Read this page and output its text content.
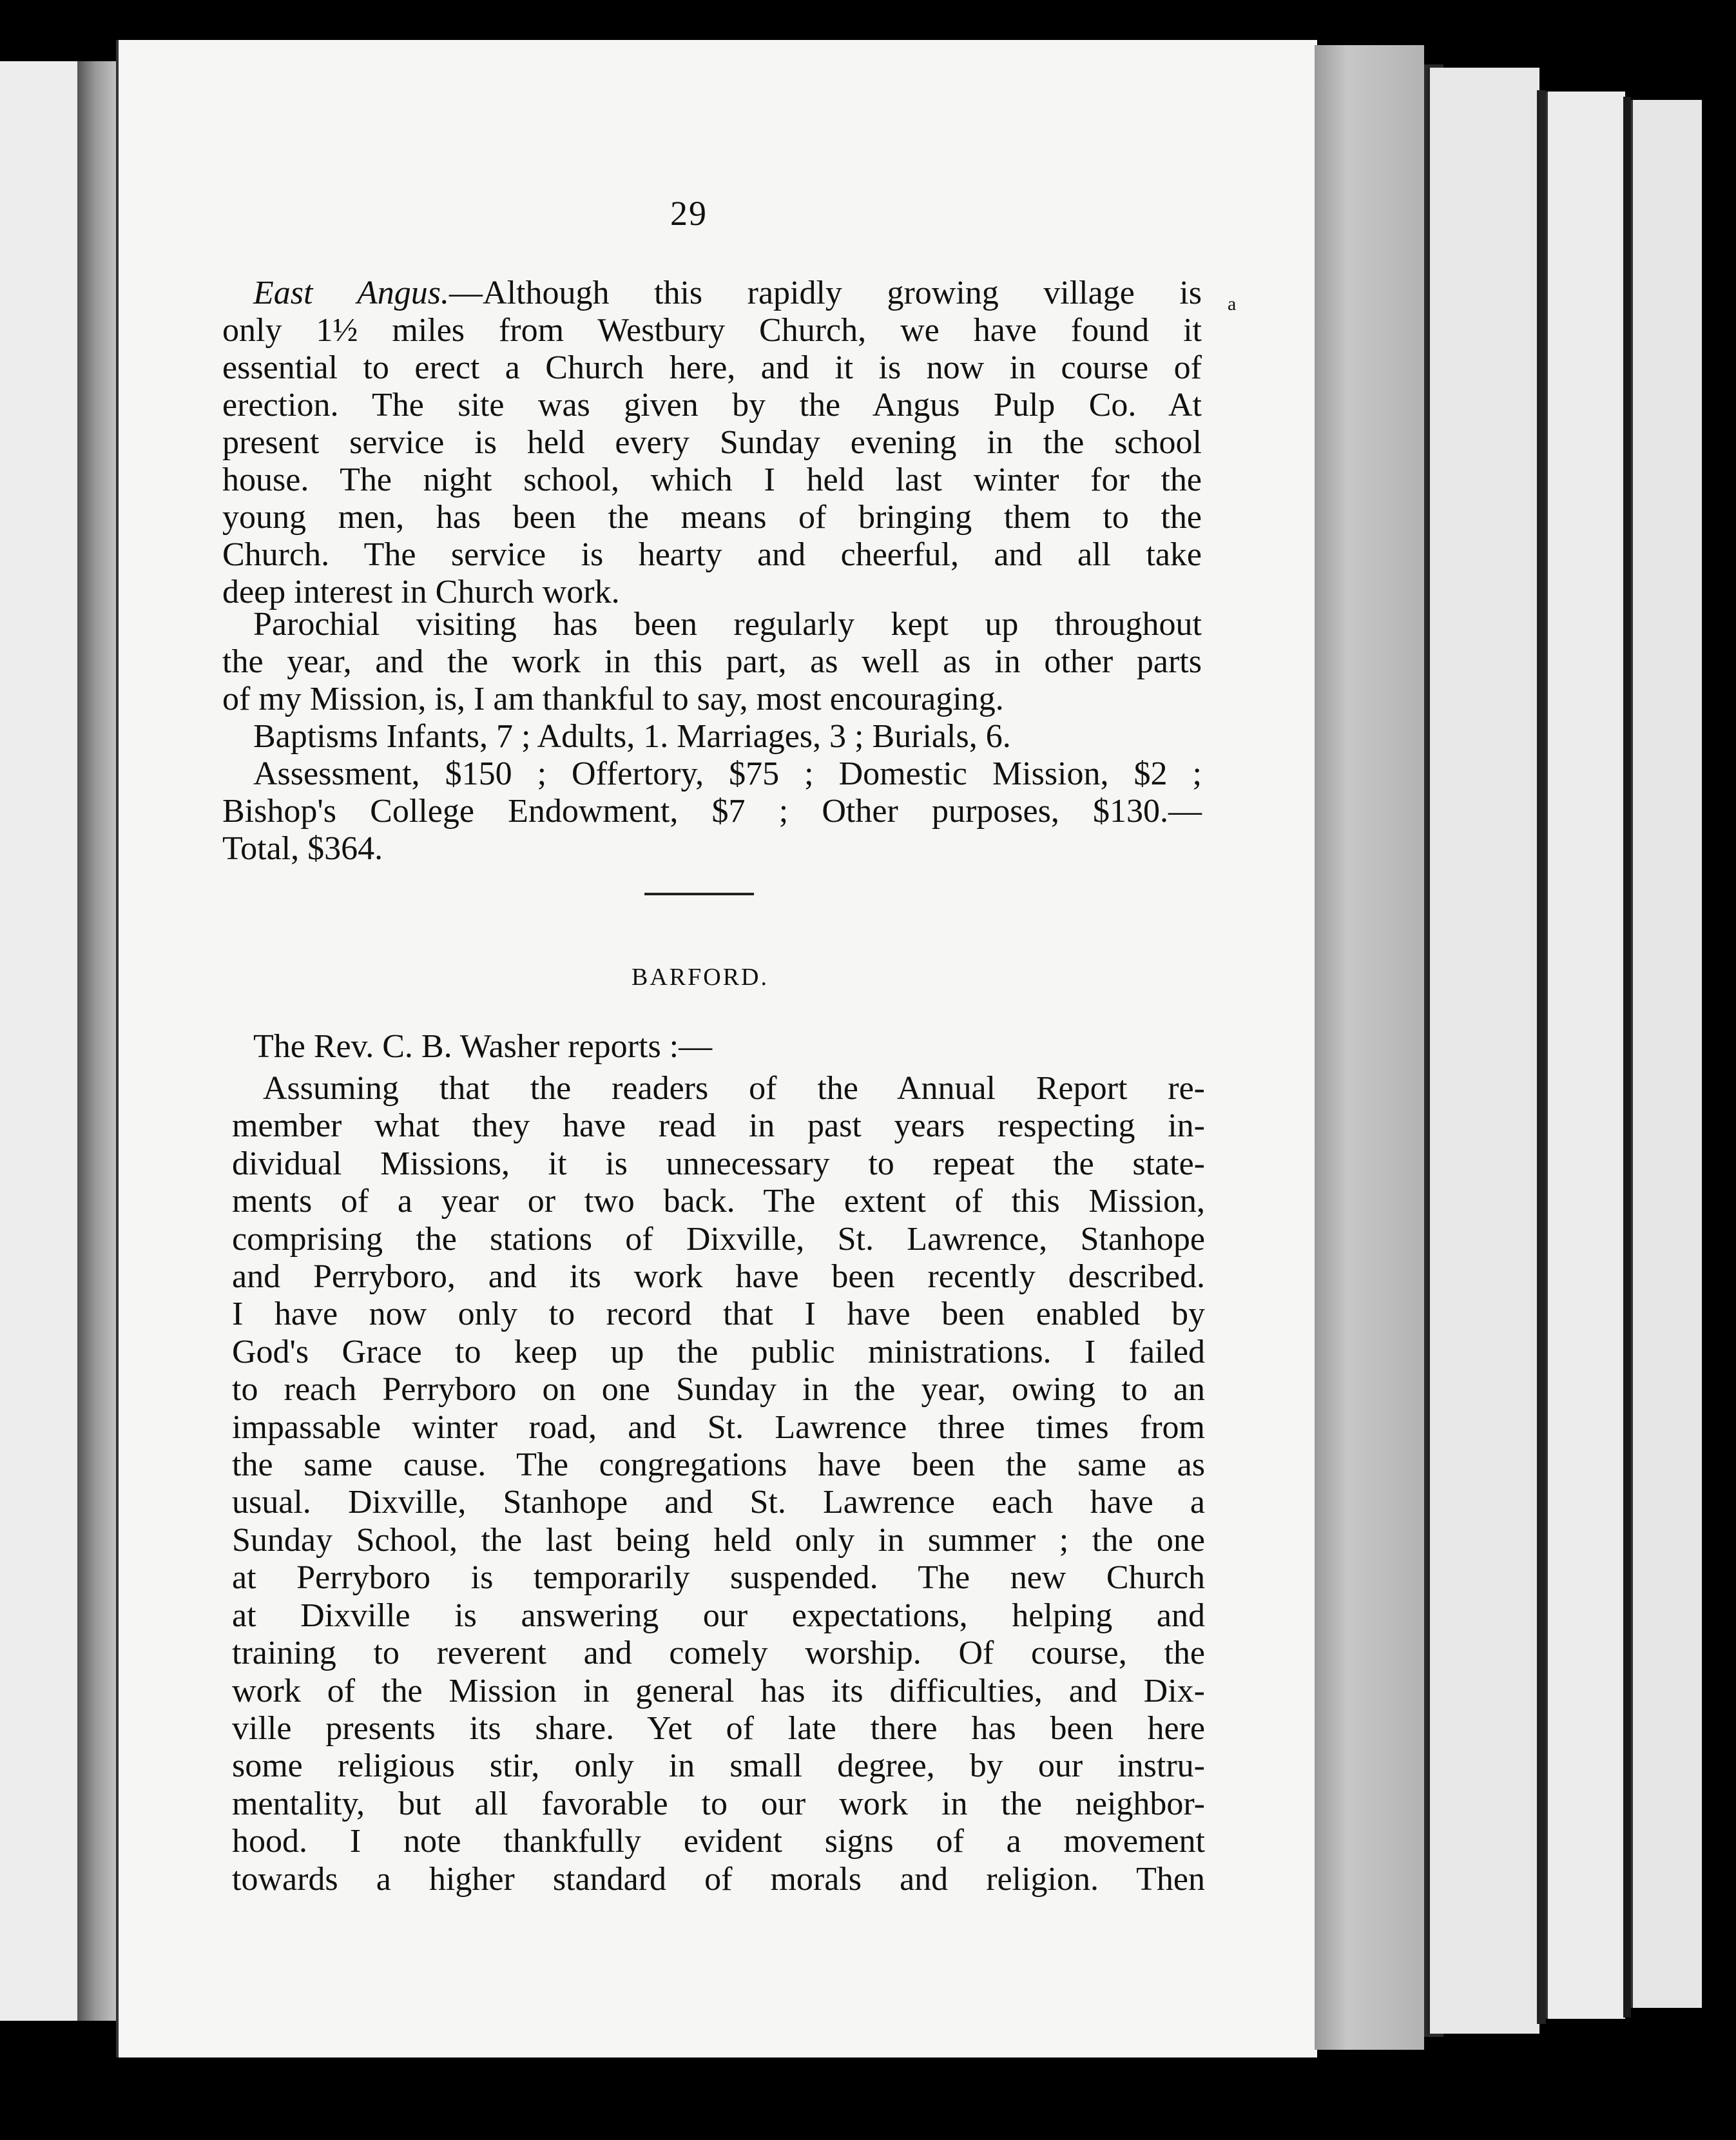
29

East Angus.—Although this rapidly growing village is

only 1½ miles from Westbury Church, we have found it

essential to erect a Church here, and it is now in course of

erection. The site was given by the Angus Pulp Co. At

present service is held every Sunday evening in the school

house. The night school, which I held last winter for the

young men, has been the means of bringing them to the

Church. The service is hearty and cheerful, and all take

deep interest in Church work.

a

Parochial visiting has been regularly kept up throughout

the year, and the work in this part, as well as in other parts

of my Mission, is, I am thankful to say, most encouraging.

Baptisms Infants, 7 ; Adults, 1. Marriages, 3 ; Burials, 6.

Assessment, $150 ; Offertory, $75 ; Domestic Mission, $2 ;

Bishop's College Endowment, $7 ; Other purposes, $130.—

Total, $364.

BARFORD.

The Rev. C. B. Washer reports :—

Assuming that the readers of the Annual Report re-

member what they have read in past years respecting in-

dividual Missions, it is unnecessary to repeat the state-

ments of a year or two back. The extent of this Mission,

comprising the stations of Dixville, St. Lawrence, Stanhope

and Perryboro, and its work have been recently described.

I have now only to record that I have been enabled by

God's Grace to keep up the public ministrations. I failed

to reach Perryboro on one Sunday in the year, owing to an

impassable winter road, and St. Lawrence three times from

the same cause. The congregations have been the same as

usual. Dixville, Stanhope and St. Lawrence each have a

Sunday School, the last being held only in summer ; the one

at Perryboro is temporarily suspended. The new Church

at Dixville is answering our expectations, helping and

training to reverent and comely worship. Of course, the

work of the Mission in general has its difficulties, and Dix-

ville presents its share. Yet of late there has been here

some religious stir, only in small degree, by our instru-

mentality, but all favorable to our work in the neighbor-

hood. I note thankfully evident signs of a movement

towards a higher standard of morals and religion. Then
